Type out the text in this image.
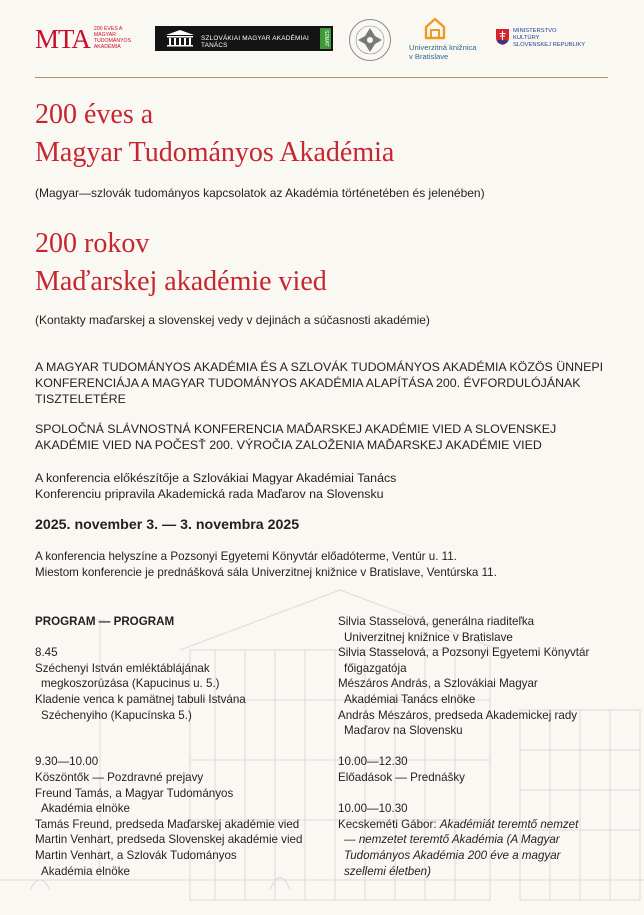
MTA 200 ÉVES A MAGYAR TUDOMÁNYOS AKADÉMIA
SZLOVÁKIAI MAGYAR AKADÉMIAI TANÁCS	SZMAT
Univerzitná knižnica
v Bratislave
MINISTERSTVO
KULTÚRY
SLOVENSKEJ REPUBLIKY
200 éves a
Magyar Tudományos Akadémia

(Magyar—szlovák tudományos kapcsolatok az Akadémia történetében és jelenében)

200 rokov
Maďarskej akadémie vied

(Kontakty maďarskej a slovenskej vedy v dejinách a súčasnosti akadémie)

A MAGYAR TUDOMÁNYOS AKADÉMIA ÉS A SZLOVÁK TUDOMÁNYOS AKADÉMIA KÖZÖS ÜNNEPI
KONFERENCIÁJA A MAGYAR TUDOMÁNYOS AKADÉMIA ALAPÍTÁSA 200. ÉVFORDULÓJÁNAK
TISZTELETÉRE

SPOLOČNÁ SLÁVNOSTNÁ KONFERENCIA MAĎARSKEJ AKADÉMIE VIED A SLOVENSKEJ
AKADÉMIE VIED NA POČESŤ 200. VÝROČIA ZALOŽENIA MAĎARSKEJ AKADÉMIE VIED

A konferencia előkészítője a Szlovákiai Magyar Akadémiai Tanács
Konferenciu pripravila Akademická rada Maďarov na Slovensku

2025. november 3. — 3. novembra 2025

A konferencia helyszíne a Pozsonyi Egyetemi Könyvtár előadóterme, Ventúr u. 11.
Miestom konferencie je prednášková sála Univerzitnej knižnice v Bratislave, Ventúrska 11.

PROGRAM — PROGRAM
8.45
Széchenyi István emléktáblájának
megkoszorúzása (Kapucinus u. 5.)
Kladenie venca k pamätnej tabuli Istvána
Széchenyiho (Kapucínska 5.)
9.30—10.00
Köszöntők — Pozdravné prejavy
Freund Tamás, a Magyar Tudományos
Akadémia elnöke
Tamás Freund, predseda Maďarskej akadémie vied
Martin Venhart, predseda Slovenskej akadémie vied
Martin Venhart, a Szlovák Tudományos
Akadémia elnöke
Silvia Stasselová, generálna riaditeľka
Univerzitnej knižnice v Bratislave
Silvia Stasselová, a Pozsonyi Egyetemi Könyvtár
főigazgatója
Mészáros András, a Szlovákiai Magyar
Akadémiai Tanács elnöke
András Mészáros, predseda Akademickej rady
Maďarov na Slovensku
10.00—12.30
Előadások — Prednášky
10.00—10.30
Kecskeméti Gábor: Akadémiát teremtő nemzet
— nemzetet teremtő Akadémia (A Magyar
Tudományos Akadémia 200 éve a magyar
szellemi életben)
